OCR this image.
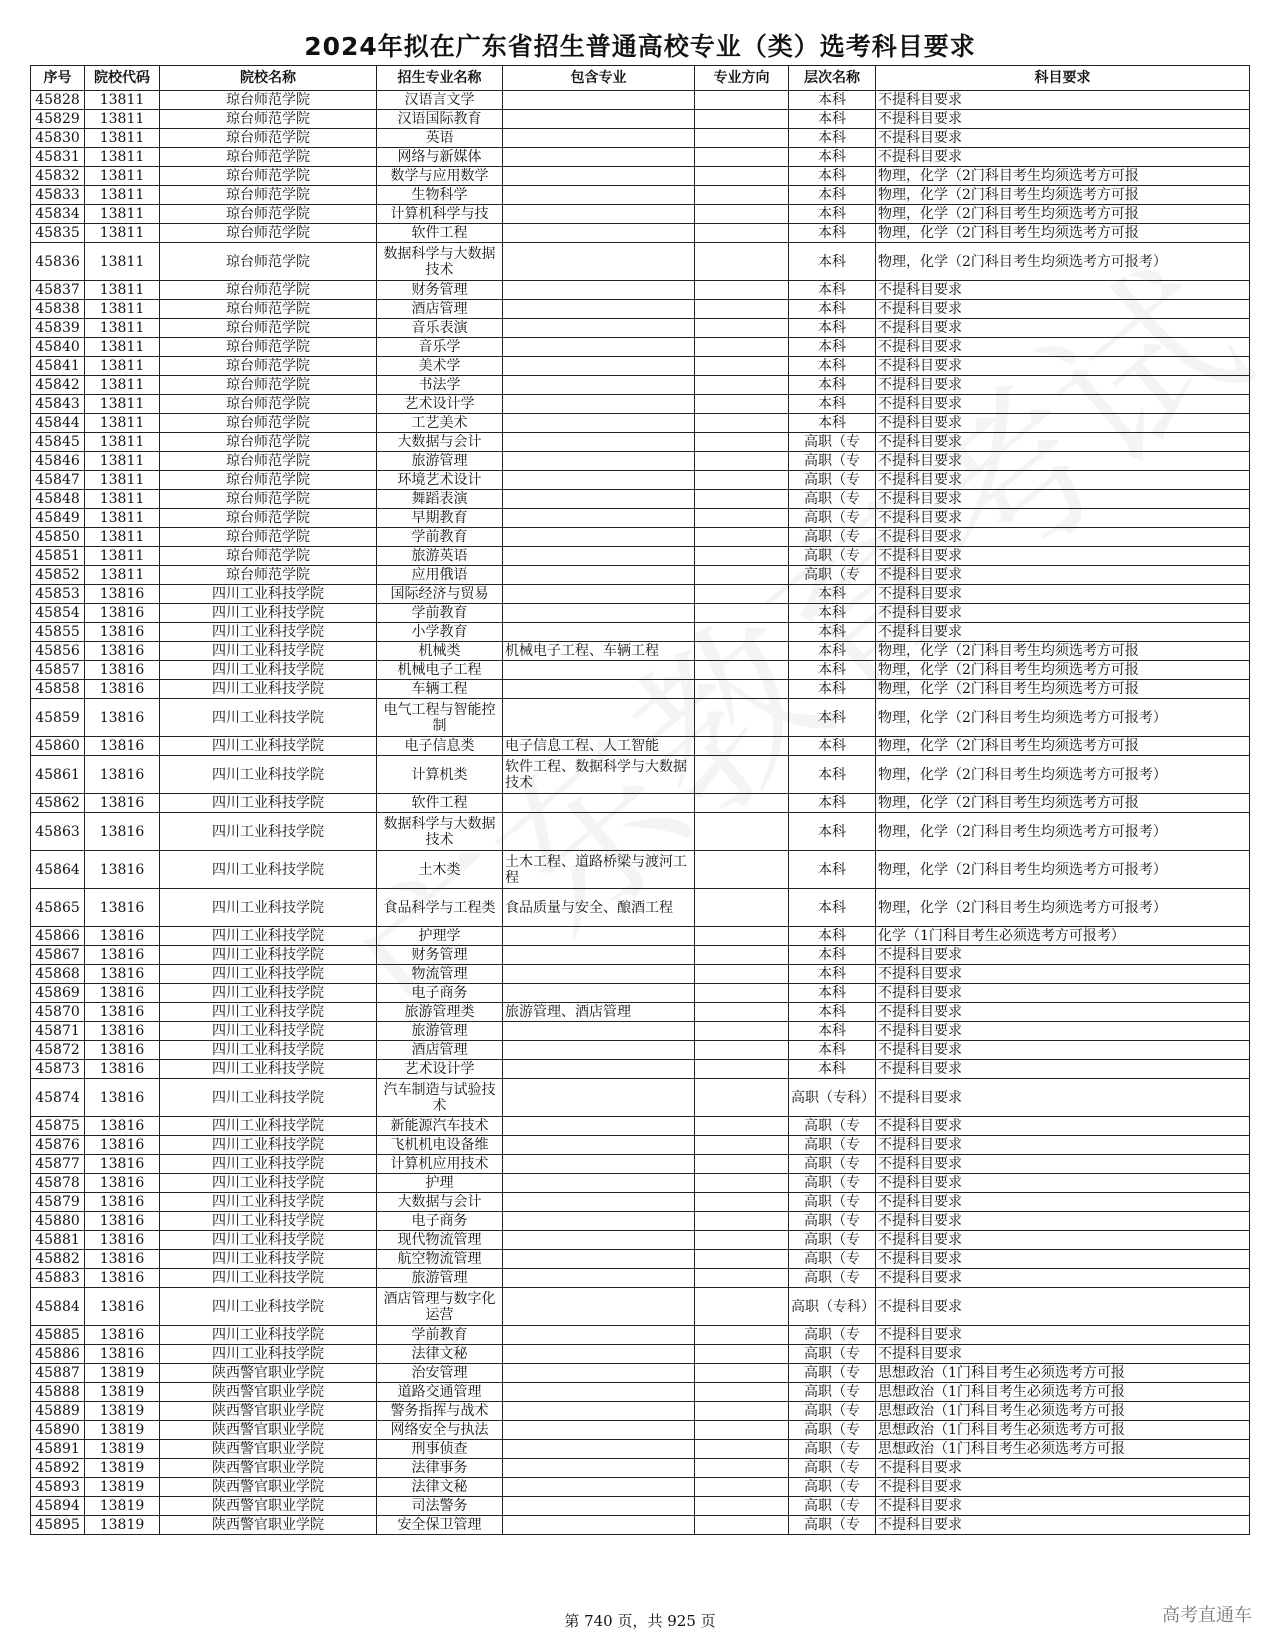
2024年拟在广东省招生普通高校专业（类）选考科目要求
序号	院校代码	院校名称	招生专业名称	包含专业	专业方向	层次名称	科目要求
45828	13811	琼台师范学院	汉语言文学			本科	不提科目要求
45829	13811	琼台师范学院	汉语国际教育			本科	不提科目要求
45830	13811	琼台师范学院	英语			本科	不提科目要求
45831	13811	琼台师范学院	网络与新媒体			本科	不提科目要求
45832	13811	琼台师范学院	数学与应用数学			本科	物理，化学（2门科目考生均须选考方可报
45833	13811	琼台师范学院	生物科学			本科	物理，化学（2门科目考生均须选考方可报
45834	13811	琼台师范学院	计算机科学与技			本科	物理，化学（2门科目考生均须选考方可报
45835	13811	琼台师范学院	软件工程			本科	物理，化学（2门科目考生均须选考方可报
45836	13811	琼台师范学院	数据科学与大数据技术			本科	物理，化学（2门科目考生均须选考方可报考）
45837	13811	琼台师范学院	财务管理			本科	不提科目要求
45838	13811	琼台师范学院	酒店管理			本科	不提科目要求
45839	13811	琼台师范学院	音乐表演			本科	不提科目要求
45840	13811	琼台师范学院	音乐学			本科	不提科目要求
45841	13811	琼台师范学院	美术学			本科	不提科目要求
45842	13811	琼台师范学院	书法学			本科	不提科目要求
45843	13811	琼台师范学院	艺术设计学			本科	不提科目要求
45844	13811	琼台师范学院	工艺美术			本科	不提科目要求
45845	13811	琼台师范学院	大数据与会计			高职（专	不提科目要求
45846	13811	琼台师范学院	旅游管理			高职（专	不提科目要求
45847	13811	琼台师范学院	环境艺术设计			高职（专	不提科目要求
45848	13811	琼台师范学院	舞蹈表演			高职（专	不提科目要求
45849	13811	琼台师范学院	早期教育			高职（专	不提科目要求
45850	13811	琼台师范学院	学前教育			高职（专	不提科目要求
45851	13811	琼台师范学院	旅游英语			高职（专	不提科目要求
45852	13811	琼台师范学院	应用俄语			高职（专	不提科目要求
45853	13816	四川工业科技学院	国际经济与贸易			本科	不提科目要求
45854	13816	四川工业科技学院	学前教育			本科	不提科目要求
45855	13816	四川工业科技学院	小学教育			本科	不提科目要求
45856	13816	四川工业科技学院	机械类	机械电子工程、车辆工程		本科	物理，化学（2门科目考生均须选考方可报
45857	13816	四川工业科技学院	机械电子工程			本科	物理，化学（2门科目考生均须选考方可报
45858	13816	四川工业科技学院	车辆工程			本科	物理，化学（2门科目考生均须选考方可报
45859	13816	四川工业科技学院	电气工程与智能控制			本科	物理，化学（2门科目考生均须选考方可报考）
45860	13816	四川工业科技学院	电子信息类	电子信息工程、人工智能		本科	物理，化学（2门科目考生均须选考方可报
45861	13816	四川工业科技学院	计算机类	软件工程、数据科学与大数据技术		本科	物理，化学（2门科目考生均须选考方可报考）
45862	13816	四川工业科技学院	软件工程			本科	物理，化学（2门科目考生均须选考方可报
45863	13816	四川工业科技学院	数据科学与大数据技术			本科	物理，化学（2门科目考生均须选考方可报考）
45864	13816	四川工业科技学院	土木类	土木工程、道路桥梁与渡河工程		本科	物理，化学（2门科目考生均须选考方可报考）
45865	13816	四川工业科技学院	食品科学与工程类	食品质量与安全、酿酒工程		本科	物理，化学（2门科目考生均须选考方可报考）
45866	13816	四川工业科技学院	护理学			本科	化学（1门科目考生必须选考方可报考）
45867	13816	四川工业科技学院	财务管理			本科	不提科目要求
45868	13816	四川工业科技学院	物流管理			本科	不提科目要求
45869	13816	四川工业科技学院	电子商务			本科	不提科目要求
45870	13816	四川工业科技学院	旅游管理类	旅游管理、酒店管理		本科	不提科目要求
45871	13816	四川工业科技学院	旅游管理			本科	不提科目要求
45872	13816	四川工业科技学院	酒店管理			本科	不提科目要求
45873	13816	四川工业科技学院	艺术设计学			本科	不提科目要求
45874	13816	四川工业科技学院	汽车制造与试验技术			高职（专科）	不提科目要求
45875	13816	四川工业科技学院	新能源汽车技术			高职（专	不提科目要求
45876	13816	四川工业科技学院	飞机机电设备维			高职（专	不提科目要求
45877	13816	四川工业科技学院	计算机应用技术			高职（专	不提科目要求
45878	13816	四川工业科技学院	护理			高职（专	不提科目要求
45879	13816	四川工业科技学院	大数据与会计			高职（专	不提科目要求
45880	13816	四川工业科技学院	电子商务			高职（专	不提科目要求
45881	13816	四川工业科技学院	现代物流管理			高职（专	不提科目要求
45882	13816	四川工业科技学院	航空物流管理			高职（专	不提科目要求
45883	13816	四川工业科技学院	旅游管理			高职（专	不提科目要求
45884	13816	四川工业科技学院	酒店管理与数字化运营			高职（专科）	不提科目要求
45885	13816	四川工业科技学院	学前教育			高职（专	不提科目要求
45886	13816	四川工业科技学院	法律文秘			高职（专	不提科目要求
45887	13819	陕西警官职业学院	治安管理			高职（专	思想政治（1门科目考生必须选考方可报
45888	13819	陕西警官职业学院	道路交通管理			高职（专	思想政治（1门科目考生必须选考方可报
45889	13819	陕西警官职业学院	警务指挥与战术			高职（专	思想政治（1门科目考生必须选考方可报
45890	13819	陕西警官职业学院	网络安全与执法			高职（专	思想政治（1门科目考生必须选考方可报
45891	13819	陕西警官职业学院	刑事侦查			高职（专	思想政治（1门科目考生必须选考方可报
45892	13819	陕西警官职业学院	法律事务			高职（专	不提科目要求
45893	13819	陕西警官职业学院	法律文秘			高职（专	不提科目要求
45894	13819	陕西警官职业学院	司法警务			高职（专	不提科目要求
45895	13819	陕西警官职业学院	安全保卫管理			高职（专	不提科目要求
第 740 页，共 925 页	高考直通车
